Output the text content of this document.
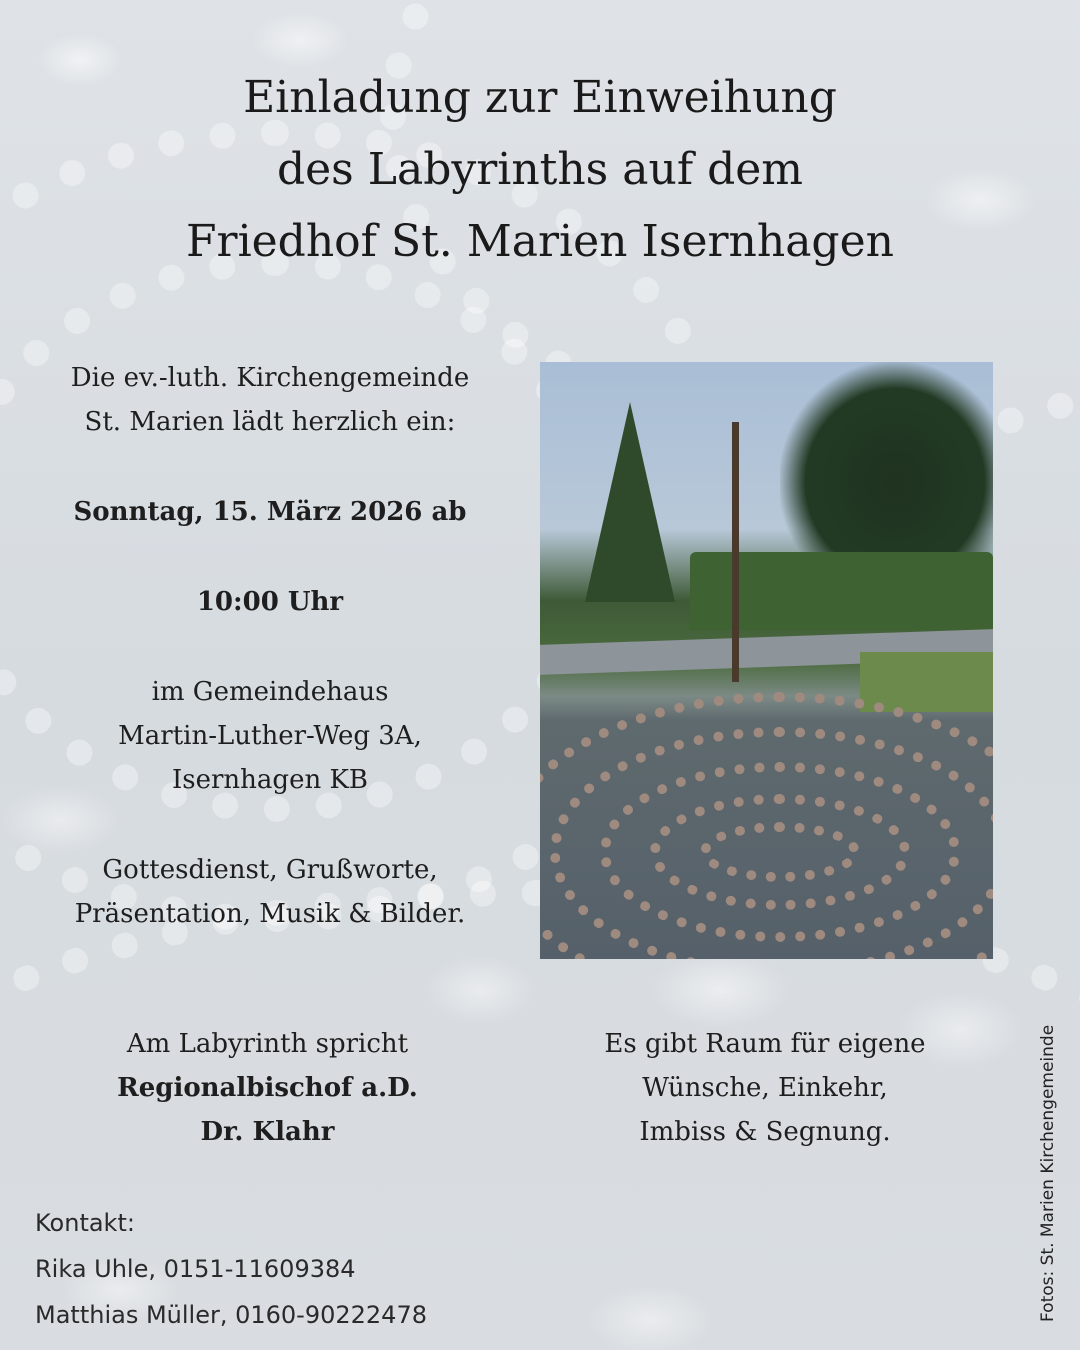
Einladung zur Einweihung
des Labyrinths auf dem
Friedhof St. Marien Isernhagen
Die ev.-luth. Kirchengemeinde
St. Marien lädt herzlich ein:
Sonntag, 15. März 2026 ab
10:00 Uhr
im Gemeindehaus
Martin-Luther-Weg 3A,
Isernhagen KB
Gottesdienst, Grußworte,
Präsentation, Musik & Bilder.
Am Labyrinth spricht
Regionalbischof a.D.
Dr. Klahr
Es gibt Raum für eigene
Wünsche, Einkehr,
Imbiss & Segnung.
Kontakt:
Rika Uhle, 0151-11609384
Matthias Müller, 0160-90222478	Fotos: St. Marien Kirchengemeinde
